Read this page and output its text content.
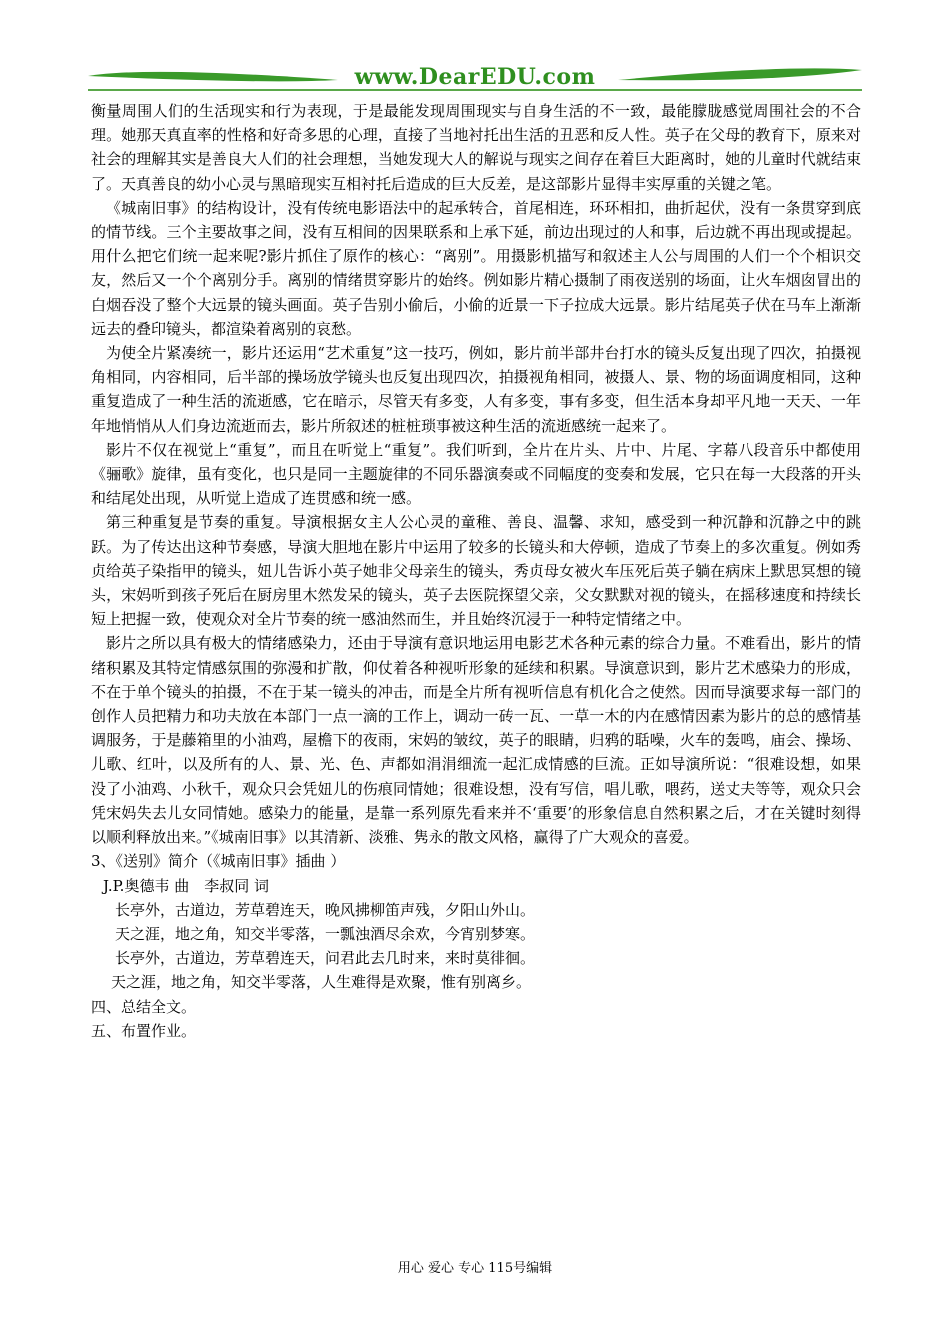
www.DearEDU.com

衡量周围人们的生活现实和行为表现，于是最能发现周围现实与自身生活的不一致，最能朦胧感觉周围社会的不合理。她那天真直率的性格和好奇多思的心理，直接了当地衬托出生活的丑恶和反人性。英子在父母的教育下，原来对社会的理解其实是善良大人们的社会理想，当她发现大人的解说与现实之间存在着巨大距离时，她的儿童时代就结束了。天真善良的幼小心灵与黑暗现实互相衬托后造成的巨大反差，是这部影片显得丰实厚重的关键之笔。

《城南旧事》的结构设计，没有传统电影语法中的起承转合，首尾相连，环环相扣，曲折起伏，没有一条贯穿到底的情节线。三个主要故事之间，没有互相间的因果联系和上承下延，前边出现过的人和事，后边就不再出现或提起。用什么把它们统一起来呢?影片抓住了原作的核心：“离别”。用摄影机描写和叙述主人公与周围的人们一个个相识交友，然后又一个个离别分手。离别的情绪贯穿影片的始终。例如影片精心摄制了雨夜送别的场面，让火车烟囱冒出的白烟吞没了整个大远景的镜头画面。英子告别小偷后，小偷的近景一下子拉成大远景。影片结尾英子伏在马车上渐渐远去的叠印镜头，都渲染着离别的哀愁。

为使全片紧凑统一，影片还运用“艺术重复”这一技巧，例如，影片前半部井台打水的镜头反复出现了四次，拍摄视角相同，内容相同，后半部的操场放学镜头也反复出现四次，拍摄视角相同，被摄人、景、物的场面调度相同，这种重复造成了一种生活的流逝感，它在暗示，尽管天有多变，人有多变，事有多变，但生活本身却平凡地一天天、一年年地悄悄从人们身边流逝而去，影片所叙述的桩桩琐事被这种生活的流逝感统一起来了。

影片不仅在视觉上“重复”，而且在听觉上“重复”。我们听到，全片在片头、片中、片尾、字幕八段音乐中都使用《骊歌》旋律，虽有变化，也只是同一主题旋律的不同乐器演奏或不同幅度的变奏和发展，它只在每一大段落的开头和结尾处出现，从听觉上造成了连贯感和统一感。

第三种重复是节奏的重复。导演根据女主人公心灵的童稚、善良、温馨、求知，感受到一种沉静和沉静之中的跳跃。为了传达出这种节奏感，导演大胆地在影片中运用了较多的长镜头和大停顿，造成了节奏上的多次重复。例如秀贞给英子染指甲的镜头，妞儿告诉小英子她非父母亲生的镜头，秀贞母女被火车压死后英子躺在病床上默思冥想的镜头，宋妈听到孩子死后在厨房里木然发呆的镜头，英子去医院探望父亲，父女默默对视的镜头，在摇移速度和持续长短上把握一致，使观众对全片节奏的统一感油然而生，并且始终沉浸于一种特定情绪之中。

影片之所以具有极大的情绪感染力，还由于导演有意识地运用电影艺术各种元素的综合力量。不难看出，影片的情绪积累及其特定情感氛围的弥漫和扩散，仰仗着各种视听形象的延续和积累。导演意识到，影片艺术感染力的形成，不在于单个镜头的拍摄，不在于某一镜头的冲击，而是全片所有视听信息有机化合之使然。因而导演要求每一部门的创作人员把精力和功夫放在本部门一点一滴的工作上，调动一砖一瓦、一草一木的内在感情因素为影片的总的感情基调服务，于是藤箱里的小油鸡，屋檐下的夜雨，宋妈的皱纹，英子的眼睛，归鸦的聒噪，火车的轰鸣，庙会、操场、儿歌、红叶，以及所有的人、景、光、色、声都如涓涓细流一起汇成情感的巨流。正如导演所说：“很难设想，如果没了小油鸡、小秋千，观众只会凭妞儿的伤痕同情她；很难设想，没有写信，唱儿歌，喂药，送丈夫等等，观众只会凭宋妈失去儿女同情她。感染力的能量，是靠一系列原先看来并不‘重要’的形象信息自然积累之后，才在关键时刻得以顺利释放出来。”《城南旧事》以其清新、淡雅、隽永的散文风格，赢得了广大观众的喜爱。

3、《送别》简介（《城南旧事》插曲 ）

J.P.奥德韦 曲　李叔同 词

长亭外，古道边，芳草碧连天，晚风拂柳笛声残，夕阳山外山。

天之涯，地之角，知交半零落，一瓢浊酒尽余欢，今宵别梦寒。

长亭外，古道边，芳草碧连天，问君此去几时来，来时莫徘徊。

天之涯，地之角，知交半零落，人生难得是欢聚，惟有别离乡。

四、总结全文。

五、布置作业。

用心 爱心 专心 115号编辑
